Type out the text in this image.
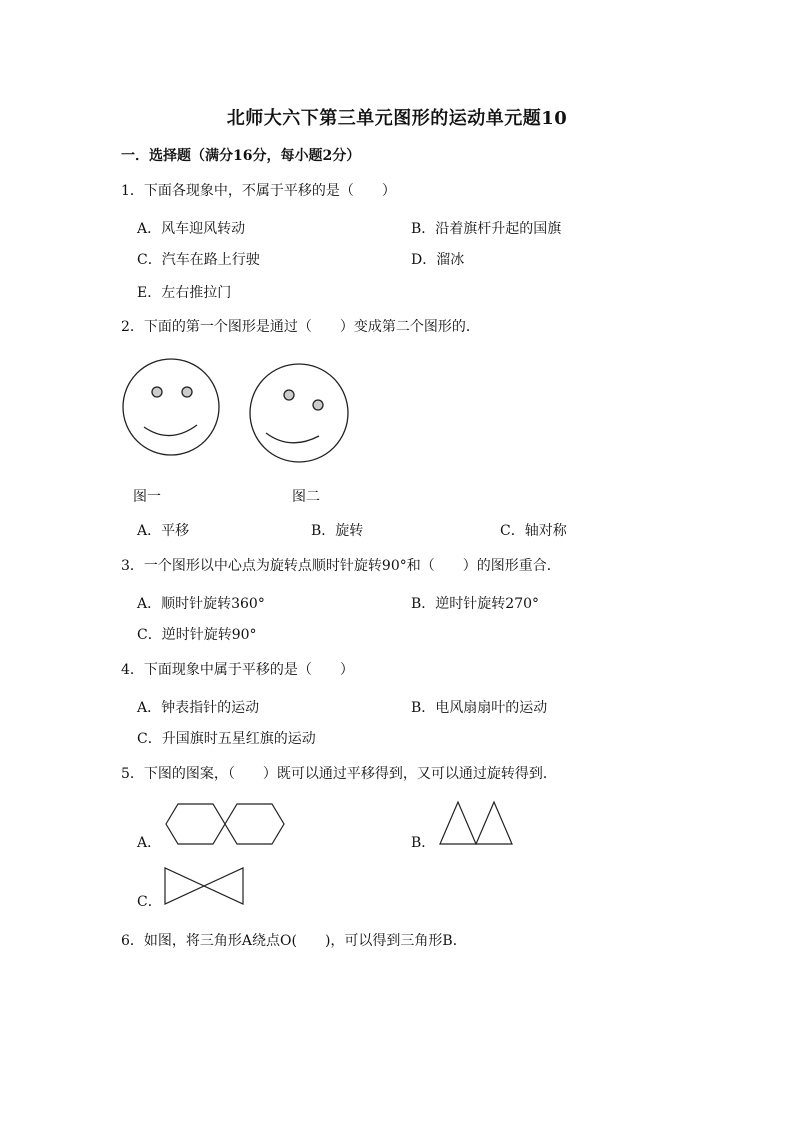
北师大六下第三单元图形的运动单元题10
一．选择题（满分16分，每小题2分）
1．下面各现象中，不属于平移的是（　　）
A．风车迎风转动	B．沿着旗杆升起的国旗
C．汽车在路上行驶	D．溜冰
E．左右推拉门
2．下面的第一个图形是通过（　　）变成第二个图形的．
图一	图二
A．平移	B．旋转	C．轴对称
3．一个图形以中心点为旋转点顺时针旋转90°和（　　）的图形重合．
A．顺时针旋转360°	B．逆时针旋转270°
C．逆时针旋转90°
4．下面现象中属于平移的是（　　）
A．钟表指针的运动	B．电风扇扇叶的运动
C．升国旗时五星红旗的运动
5．下图的图案，（　　）既可以通过平移得到，又可以通过旋转得到．
A．	B．
C．
6．如图，将三角形A绕点O(　　)，可以得到三角形B．
